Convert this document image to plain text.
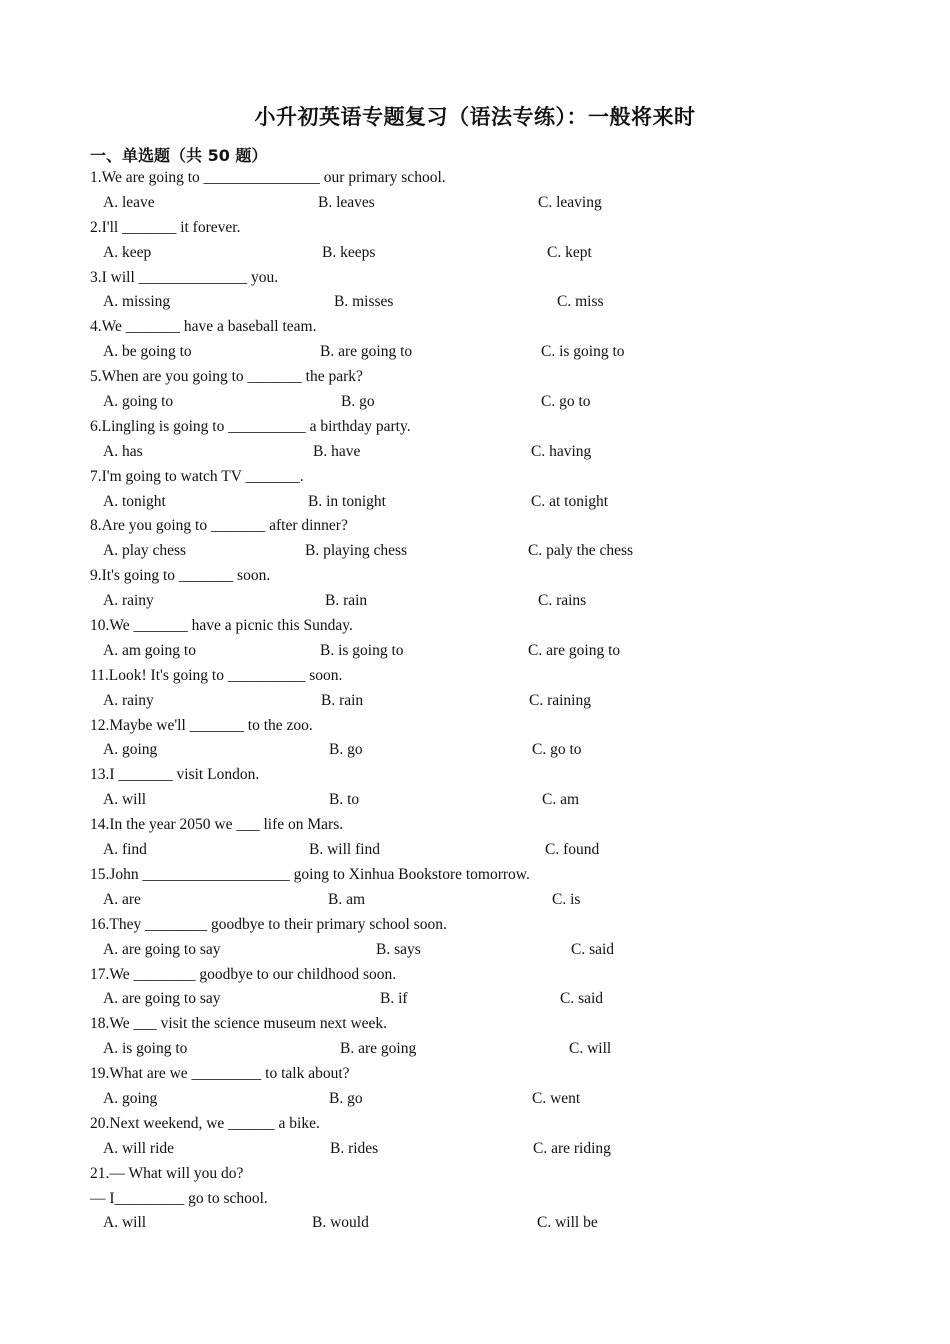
小升初英语专题复习（语法专练）：一般将来时
一、单选题（共 50 题）
1.We are going to _______________ our primary school.
A. leave	B. leaves	C. leaving
2.I'll _______ it forever.
A. keep	B. keeps	C. kept
3.I will ______________ you.
A. missing	B. misses	C. miss
4.We _______ have a baseball team.
A. be going to	B. are going to	C. is going to
5.When are you going to _______ the park?
A. going to	B. go	C. go to
6.Lingling is going to __________ a birthday party.
A. has	B. have	C. having
7.I'm going to watch TV _______.
A. tonight	B. in tonight	C. at tonight
8.Are you going to _______ after dinner?
A. play chess	B. playing chess	C. paly the chess
9.It's going to _______ soon.
A. rainy	B. rain	C. rains
10.We _______ have a picnic this Sunday.
A. am going to	B. is going to	C. are going to
11.Look! It's going to __________ soon.
A. rainy	B. rain	C. raining
12.Maybe we'll _______ to the zoo.
A. going	B. go	C. go to
13.I _______ visit London.
A. will	B. to	C. am
14.In the year 2050 we ___ life on Mars.
A. find	B. will find	C. found
15.John ___________________ going to Xinhua Bookstore tomorrow.
A. are	B. am	C. is
16.They ________ goodbye to their primary school soon.
A. are going to say	B. says	C. said
17.We ________ goodbye to our childhood soon.
A. are going to say	B. if	C. said
18.We ___ visit the science museum next week.
A. is going to	B. are going	C. will
19.What are we _________ to talk about?
A. going	B. go	C. went
20.Next weekend, we ______ a bike.
A. will ride	B. rides	C. are riding
21.— What will you do?
— I_________ go to school.
A. will	B. would	C. will be
